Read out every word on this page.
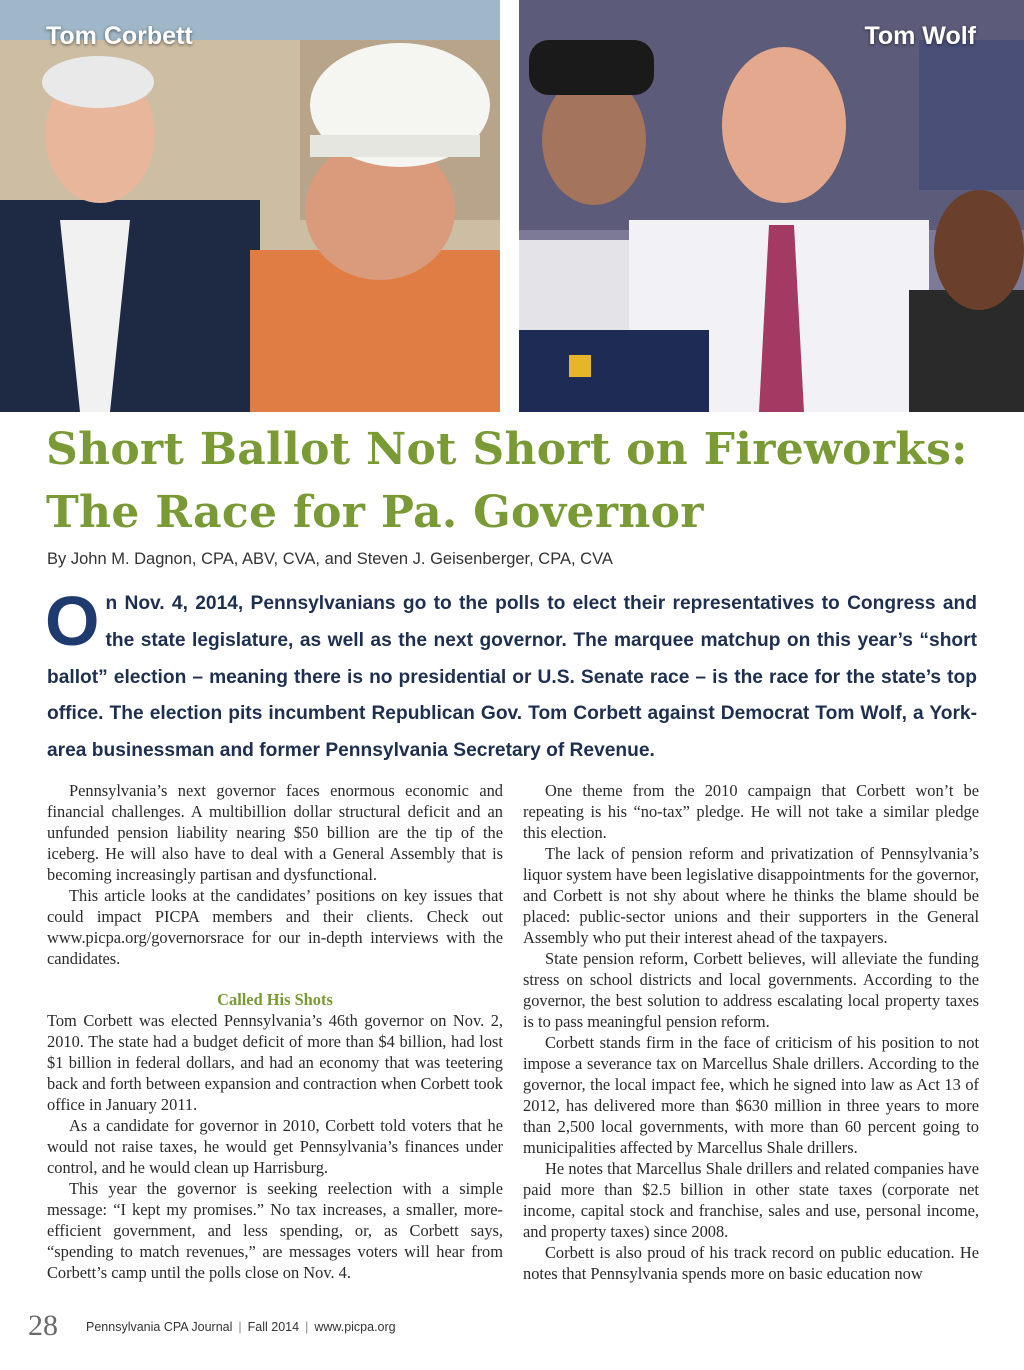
Tom Corbett	Tom Wolf
Short Ballot Not Short on Fireworks:
The Race for Pa. Governor

By John M. Dagnon, CPA, ABV, CVA, and Steven J. Geisenberger, CPA, CVA

On Nov. 4, 2014, Pennsylvanians go to the polls to elect their representatives to Congress and the state legislature, as well as the next governor. The marquee matchup on this year’s “short ballot” election – meaning there is no presidential or U.S. Senate race – is the race for the state’s top office. The election pits incumbent Republican Gov. Tom Corbett against Democrat Tom Wolf, a York-area businessman and former Pennsylvania Secretary of Revenue.

Pennsylvania’s next governor faces enormous economic and financial challenges. A multibillion dollar structural deficit and an unfunded pension liability nearing $50 billion are the tip of the iceberg. He will also have to deal with a General Assembly that is becoming increasingly partisan and dysfunctional.

This article looks at the candidates’ positions on key issues that could impact PICPA members and their clients. Check out www.picpa.org/governorsrace for our in-depth interviews with the candidates.

Called His Shots

Tom Corbett was elected Pennsylvania’s 46th governor on Nov. 2, 2010. The state had a budget deficit of more than $4 billion, had lost $1 billion in federal dollars, and had an economy that was teetering back and forth between expansion and contraction when Corbett took office in January 2011.

As a candidate for governor in 2010, Corbett told voters that he would not raise taxes, he would get Pennsylvania’s finances under control, and he would clean up Harrisburg.

This year the governor is seeking reelection with a simple message: “I kept my promises.” No tax increases, a smaller, more-efficient government, and less spending, or, as Corbett says, “spending to match revenues,” are messages voters will hear from Corbett’s camp until the polls close on Nov. 4.

One theme from the 2010 campaign that Corbett won’t be repeating is his “no-tax” pledge. He will not take a similar pledge this election.

The lack of pension reform and privatization of Pennsylvania’s liquor system have been legislative disappointments for the governor, and Corbett is not shy about where he thinks the blame should be placed: public-sector unions and their supporters in the General Assembly who put their interest ahead of the taxpayers.

State pension reform, Corbett believes, will alleviate the funding stress on school districts and local governments. According to the governor, the best solution to address escalating local property taxes is to pass meaningful pension reform.

Corbett stands firm in the face of criticism of his position to not impose a severance tax on Marcellus Shale drillers. According to the governor, the local impact fee, which he signed into law as Act 13 of 2012, has delivered more than $630 million in three years to more than 2,500 local governments, with more than 60 percent going to municipalities affected by Marcellus Shale drillers.

He notes that Marcellus Shale drillers and related companies have paid more than $2.5 billion in other state taxes (corporate net income, capital stock and franchise, sales and use, personal income, and property taxes) since 2008.

Corbett is also proud of his track record on public education. He notes that Pennsylvania spends more on basic education now

28 Pennsylvania CPA Journal | Fall 2014 | www.picpa.org
